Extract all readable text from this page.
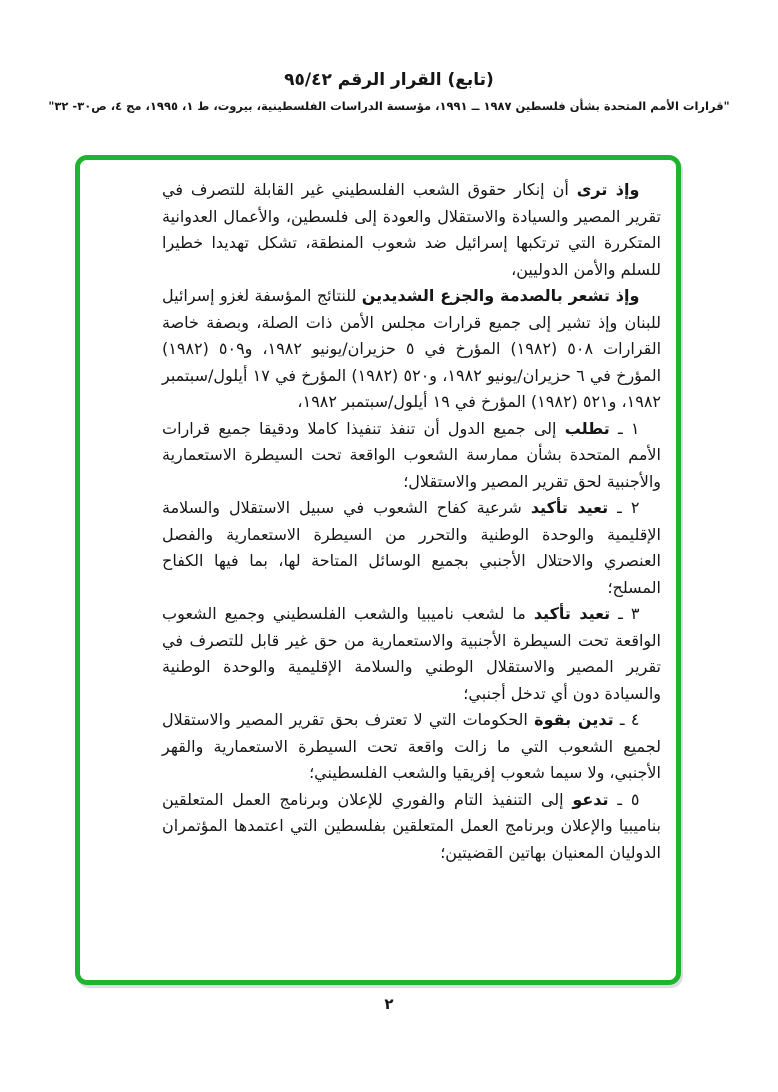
(تابع) القرار الرقم ٩٥/٤٢

"قرارات الأمم المتحدة بشأن فلسطين ١٩٨٧ ــ ١٩٩١، مؤسسة الدراسات الفلسطينية، بيروت، ط ١، ١٩٩٥، مج ٤، ص٣٠- ٣٢"

وإذ ترى أن إنكار حقوق الشعب الفلسطيني غير القابلة للتصرف في تقرير المصير والسيادة والاستقلال والعودة إلى فلسطين، والأعمال العدوانية المتكررة التي ترتكبها إسرائيل ضد شعوب المنطقة، تشكل تهديدا خطيرا للسلم والأمن الدوليين،

وإذ تشعر بالصدمة والجزع الشديدين للنتائج المؤسفة لغزو إسرائيل للبنان وإذ تشير إلى جميع قرارات مجلس الأمن ذات الصلة، وبصفة خاصة القرارات ٥٠٨ (١٩٨٢) المؤرخ في ٥ حزيران/يونيو ١٩٨٢، و٥٠٩ (١٩٨٢) المؤرخ في ٦ حزيران/يونيو ١٩٨٢، و٥٢٠ (١٩٨٢) المؤرخ في ١٧ أيلول/سبتمبر ١٩٨٢، و٥٢١ (١٩٨٢) المؤرخ في ١٩ أيلول/سبتمبر ١٩٨٢،

١ ـ تطلب إلى جميع الدول أن تنفذ تنفيذا كاملا ودقيقا جميع قرارات الأمم المتحدة بشأن ممارسة الشعوب الواقعة تحت السيطرة الاستعمارية والأجنبية لحق تقرير المصير والاستقلال؛

٢ ـ تعيد تأكيد شرعية كفاح الشعوب في سبيل الاستقلال والسلامة الإقليمية والوحدة الوطنية والتحرر من السيطرة الاستعمارية والفصل العنصري والاحتلال الأجنبي بجميع الوسائل المتاحة لها، بما فيها الكفاح المسلح؛

٣ ـ تعيد تأكيد ما لشعب ناميبيا والشعب الفلسطيني وجميع الشعوب الواقعة تحت السيطرة الأجنبية والاستعمارية من حق غير قابل للتصرف في تقرير المصير والاستقلال الوطني والسلامة الإقليمية والوحدة الوطنية والسيادة دون أي تدخل أجنبي؛

٤ ـ تدين بقوة الحكومات التي لا تعترف بحق تقرير المصير والاستقلال لجميع الشعوب التي ما زالت واقعة تحت السيطرة الاستعمارية والقهر الأجنبي، ولا سيما شعوب إفريقيا والشعب الفلسطيني؛

٥ ـ تدعو إلى التنفيذ التام والفوري للإعلان وبرنامج العمل المتعلقين بناميبيا والإعلان وبرنامج العمل المتعلقين بفلسطين التي اعتمدها المؤتمران الدوليان المعنيان بهاتين القضيتين؛

٢
